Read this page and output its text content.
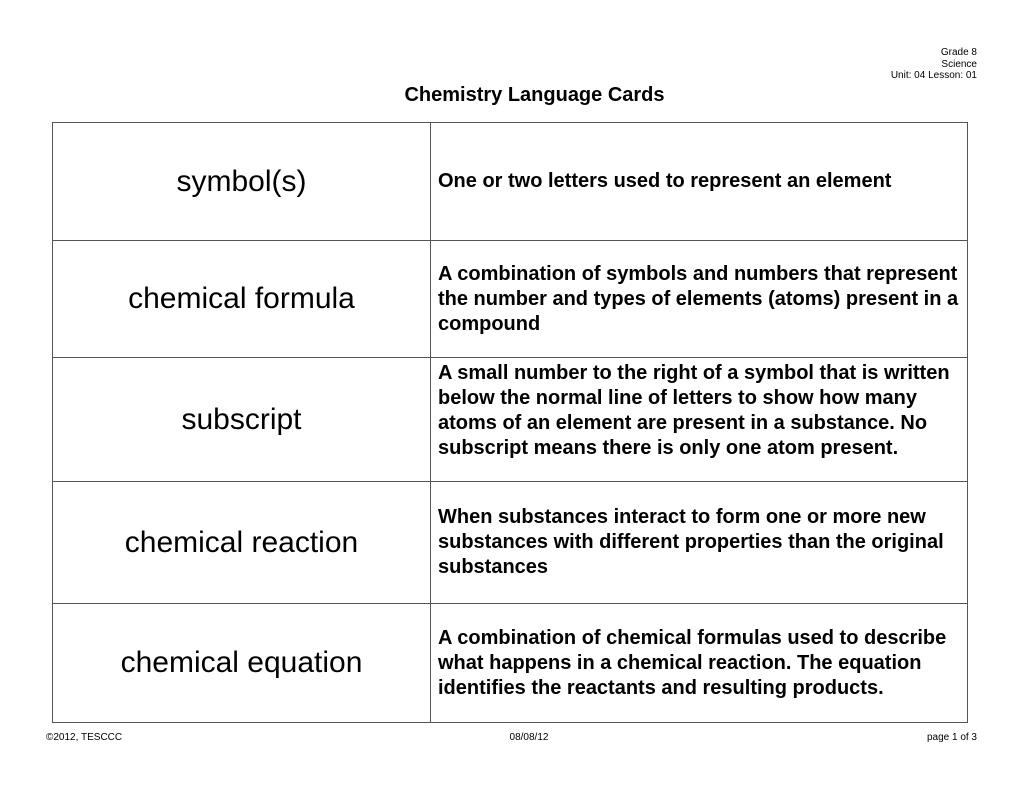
Grade 8
Science
Unit: 04 Lesson: 01
Chemistry Language Cards
symbol(s)	One or two letters used to represent an element
chemical formula	A combination of symbols and numbers that represent the number and types of elements (atoms) present in a compound
subscript	A small number to the right of a symbol that is written below the normal line of letters to show how many atoms of an element are present in a substance. No subscript means there is only one atom present.
chemical reaction	When substances interact to form one or more new substances with different properties than the original substances
chemical equation	A combination of chemical formulas used to describe what happens in a chemical reaction. The equation identifies the reactants and resulting products.
©2012, TESCCC	08/08/12	page 1 of 3
